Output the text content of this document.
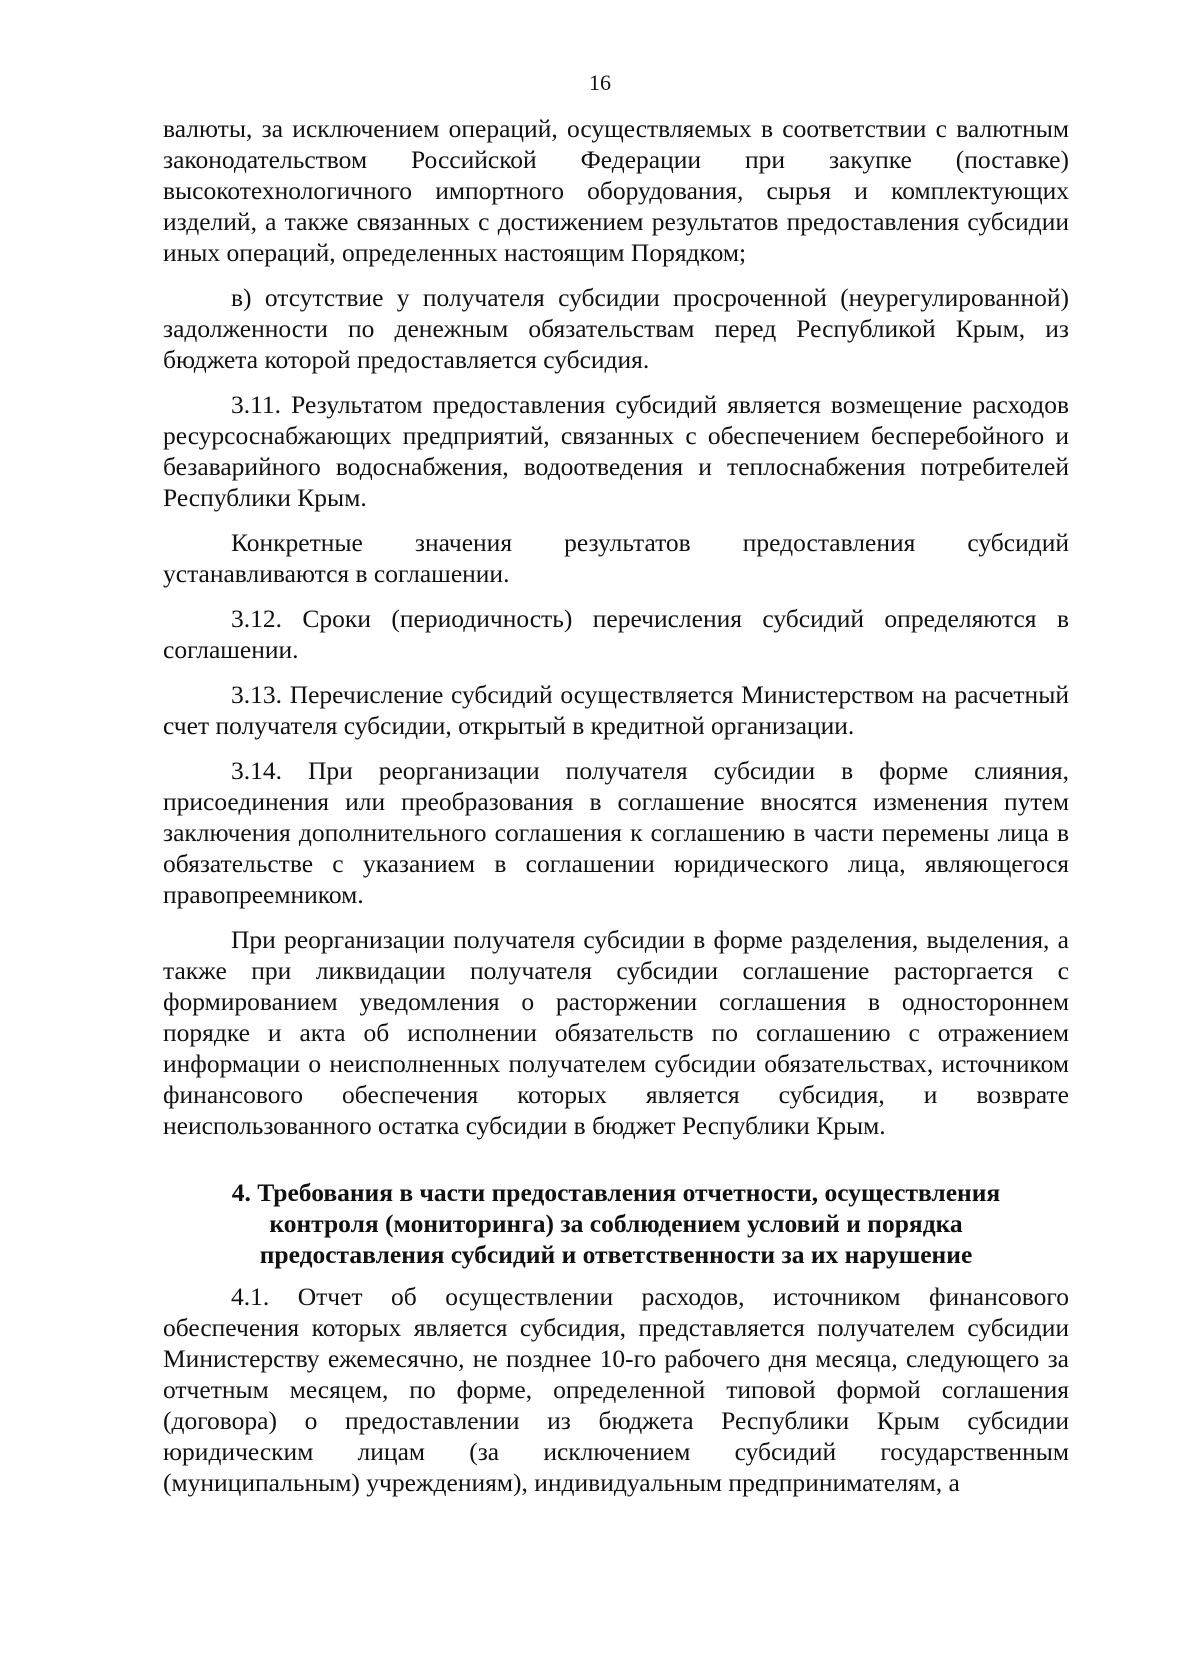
16

валюты, за исключением операций, осуществляемых в соответствии с валютным законодательством Российской Федерации при закупке (поставке) высокотехнологичного импортного оборудования, сырья и комплектующих изделий, а также связанных с достижением результатов предоставления субсидии иных операций, определенных настоящим Порядком;

в) отсутствие у получателя субсидии просроченной (неурегулированной) задолженности по денежным обязательствам перед Республикой Крым, из бюджета которой предоставляется субсидия.

3.11. Результатом предоставления субсидий является возмещение расходов ресурсоснабжающих предприятий, связанных с обеспечением бесперебойного и безаварийного водоснабжения, водоотведения и теплоснабжения потребителей Республики Крым.

Конкретные значения результатов предоставления субсидий устанавливаются в соглашении.

3.12. Сроки (периодичность) перечисления субсидий определяются в соглашении.

3.13. Перечисление субсидий осуществляется Министерством на расчетный счет получателя субсидии, открытый в кредитной организации.

3.14. При реорганизации получателя субсидии в форме слияния, присоединения или преобразования в соглашение вносятся изменения путем заключения дополнительного соглашения к соглашению в части перемены лица в обязательстве с указанием в соглашении юридического лица, являющегося правопреемником.

При реорганизации получателя субсидии в форме разделения, выделения, а также при ликвидации получателя субсидии соглашение расторгается с формированием уведомления о расторжении соглашения в одностороннем порядке и акта об исполнении обязательств по соглашению с отражением информации о неисполненных получателем субсидии обязательствах, источником финансового обеспечения которых является субсидия, и возврате неиспользованного остатка субсидии в бюджет Республики Крым.

4. Требования в части предоставления отчетности, осуществления
контроля (мониторинга) за соблюдением условий и порядка
предоставления субсидий и ответственности за их нарушение

4.1. Отчет об осуществлении расходов, источником финансового обеспечения которых является субсидия, представляется получателем субсидии Министерству ежемесячно, не позднее 10-го рабочего дня месяца, следующего за отчетным месяцем, по форме, определенной типовой формой соглашения (договора) о предоставлении из бюджета Республики Крым субсидии юридическим лицам (за исключением субсидий государственным (муниципальным) учреждениям), индивидуальным предпринимателям, а
